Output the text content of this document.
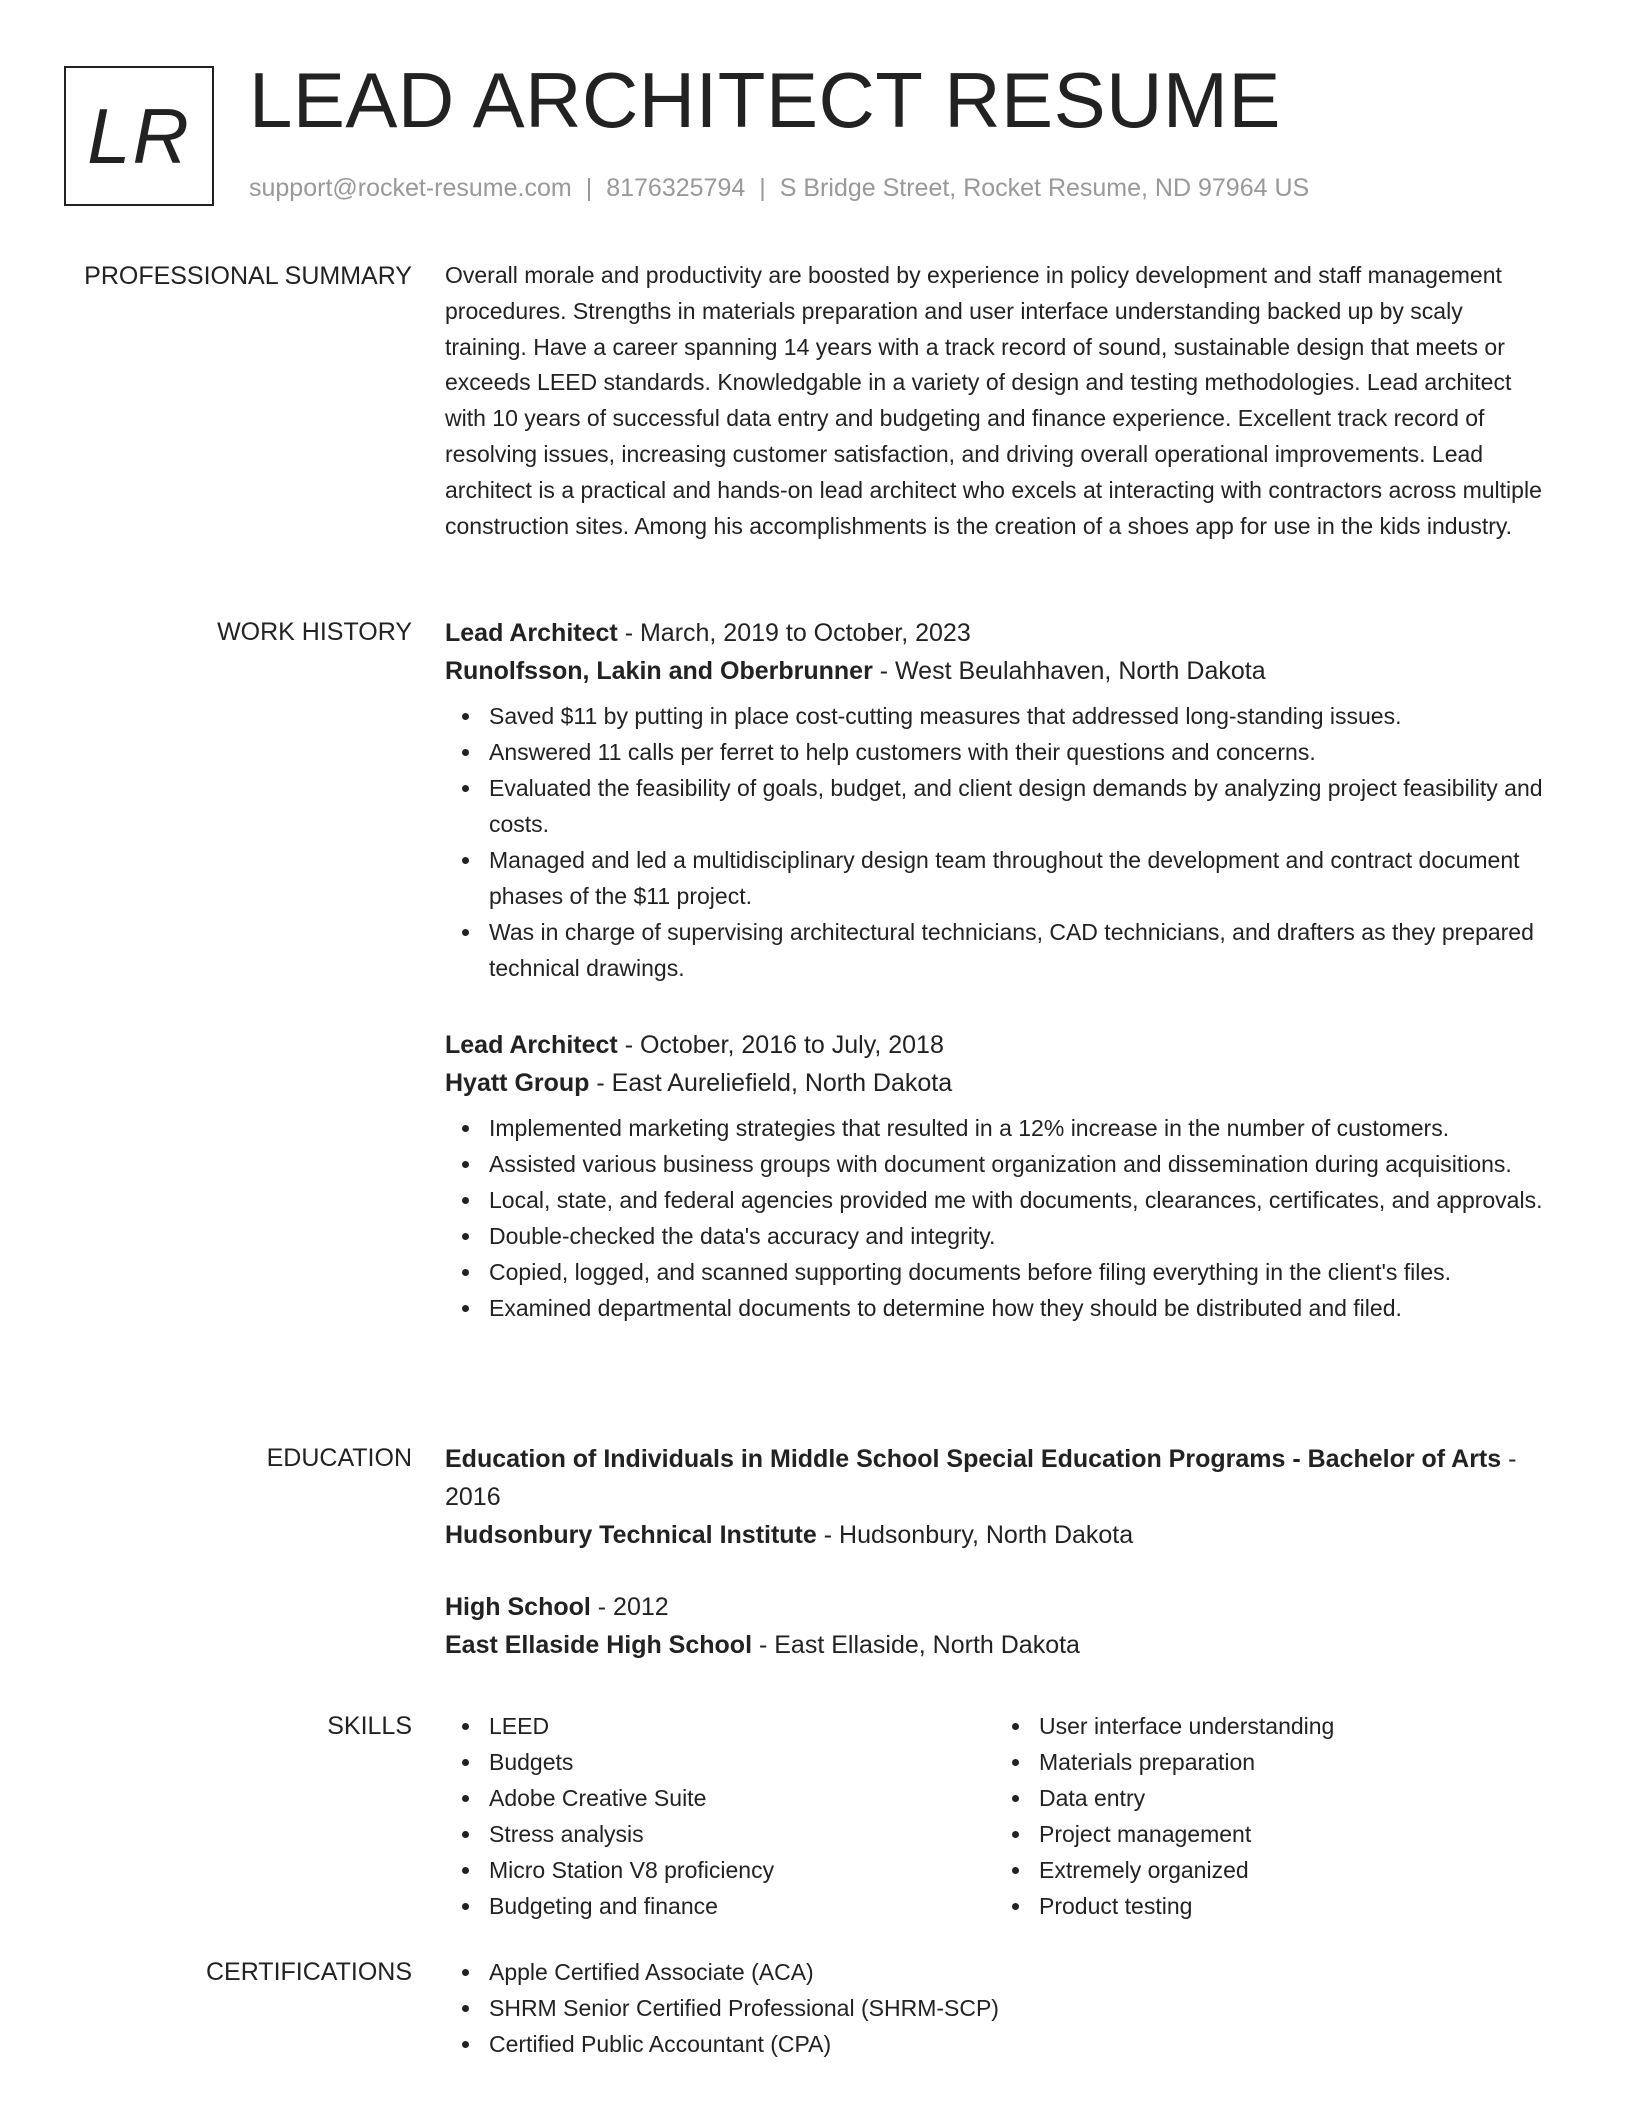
LR LEAD ARCHITECT RESUME
support@rocket-resume.com | 8176325794 | S Bridge Street, Rocket Resume, ND 97964 US
PROFESSIONAL SUMMARY Overall morale and productivity are boosted by experience in policy development and staff management procedures. Strengths in materials preparation and user interface understanding backed up by scaly training. Have a career spanning 14 years with a track record of sound, sustainable design that meets or exceeds LEED standards. Knowledgable in a variety of design and testing methodologies. Lead architect with 10 years of successful data entry and budgeting and finance experience. Excellent track record of resolving issues, increasing customer satisfaction, and driving overall operational improvements. Lead architect is a practical and hands-on lead architect who excels at interacting with contractors across multiple construction sites. Among his accomplishments is the creation of a shoes app for use in the kids industry.

WORK HISTORY Lead Architect - March, 2019 to October, 2023
Runolfsson, Lakin and Oberbrunner - West Beulahhaven, North Dakota
Saved $11 by putting in place cost-cutting measures that addressed long-standing issues.
Answered 11 calls per ferret to help customers with their questions and concerns.
Evaluated the feasibility of goals, budget, and client design demands by analyzing project feasibility and costs.
Managed and led a multidisciplinary design team throughout the development and contract document phases of the $11 project.
Was in charge of supervising architectural technicians, CAD technicians, and drafters as they prepared technical drawings.
Lead Architect - October, 2016 to July, 2018
Hyatt Group - East Aureliefield, North Dakota
Implemented marketing strategies that resulted in a 12% increase in the number of customers.
Assisted various business groups with document organization and dissemination during acquisitions.
Local, state, and federal agencies provided me with documents, clearances, certificates, and approvals.
Double-checked the data's accuracy and integrity.
Copied, logged, and scanned supporting documents before filing everything in the client's files.
Examined departmental documents to determine how they should be distributed and filed.
EDUCATION Education of Individuals in Middle School Special Education Programs - Bachelor of Arts - 2016
Hudsonbury Technical Institute - Hudsonbury, North Dakota
High School - 2012
East Ellaside High School - East Ellaside, North Dakota
SKILLS	LEED
Budgets
Adobe Creative Suite
Stress analysis
Micro Station V8 proficiency
Budgeting and finance
User interface understanding
Materials preparation
Data entry
Project management
Extremely organized
Product testing
CERTIFICATIONS	Apple Certified Associate (ACA)
SHRM Senior Certified Professional (SHRM-SCP)
Certified Public Accountant (CPA)
